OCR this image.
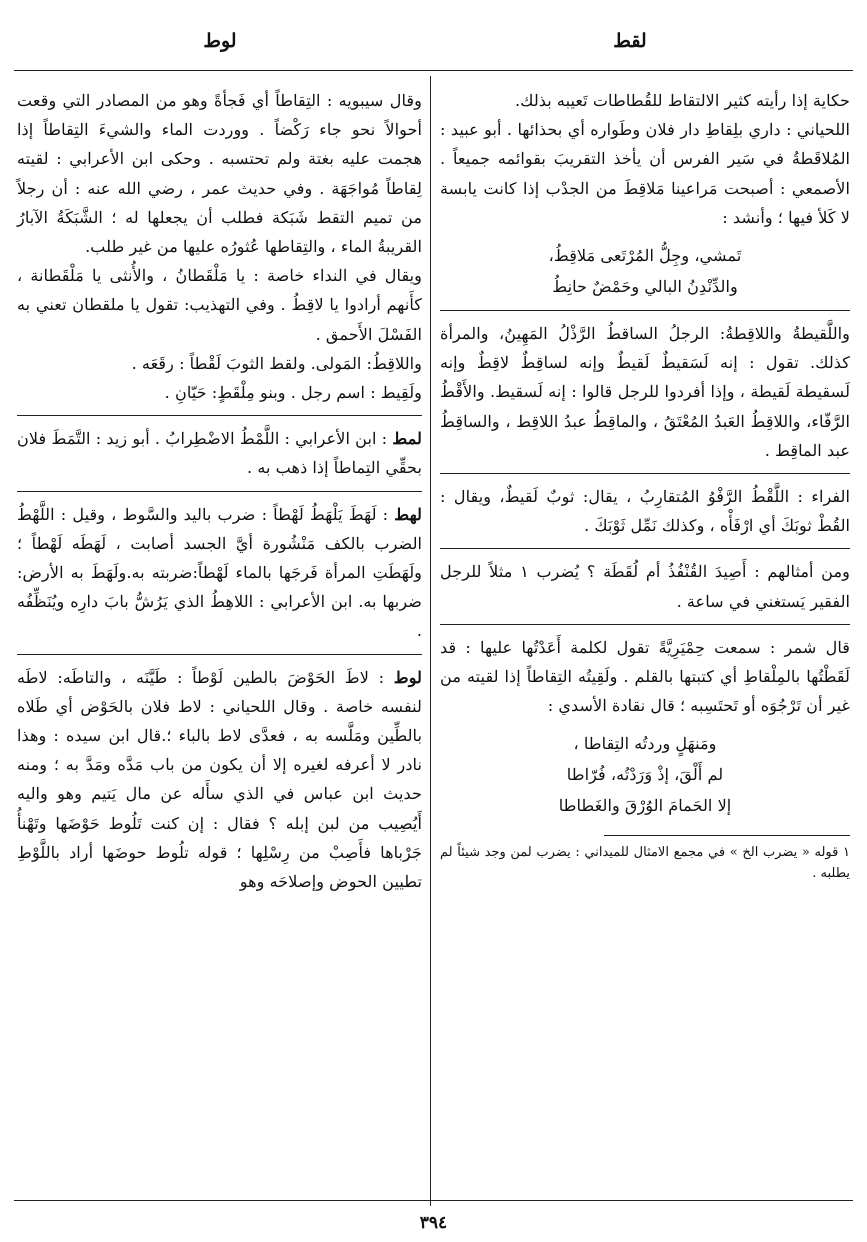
لقط
لوط

حكاية إذا رأيته كثير الالتقاط للقُطاطات تَعيبه بذلك.

اللحياني : داري بلِقاطِ دار فلان وطَواره أي بحذائها . أبو عبيد : المُلاقَطةُ في سَير الفرس أن يأخذ التقريبَ بقوائمه جميعاً . الأصمعي : أصبحت مَراعينا مَلاقِطَ من الجدْب إذا كانت يابسة لا كَلأ فيها ؛ وأنشد :

تَمشي، وجِلُّ المُرْتَعى مَلاقِطُ،
والدِّنْدِنُ البالي وحَمْضٌ حانِطُ

واللَّقيطةُ واللاقِطةُ: الرجلُ الساقطُ الرَّذْلُ المَهِينُ، والمرأة كذلك. تقول : إنه لَسَقيطٌ لَقيطٌ وإنه لساقِطٌ لاقِطٌ وإنه لَسقيطة لَقيطة ، وإذا أفردوا للرجل قالوا : إنه لَسقيط. والأَقْطُ الرَّفّاء، واللاقِطُ العَبدُ المُعْتَقُ ، والماقِطُ عبدُ اللاقِط ، والساقِطُ عبد الماقِط .

الفراء : اللَّقْطُ الرَّفْوُ المُتقارِبُ ، يقال: ثوبٌ لَقيطٌ، ويقال : القُطْ ثوبَكَ أي ارْفَأْه ، وكذلك نَمِّل ثَوْبَكَ .

ومن أمثالهم : أَصِيدَ القُنْفُذُ أم لُقَطَة ؟ يُضرب ١ مثلاً للرجل الفقير يَستغني في ساعة .

قال شمر : سمعت حِمْيَرِيَّةً تقول لكلمة أَعَدْتُها عليها : قد لَقَطْتُها بالمِلْقاطِ أي كتبتها بالقلم . ولَقِيتُه التِقاطاً إذا لقيته من غير أن تَرْجُوَه أو تَحتَسِبه ؛ قال نقادة الأسدي :

ومَنهَلٍ وردتُه التِقاطا ،
لم أَلْقَ، إذْ وَرَدْتُه، فُرّاطا
إلا الحَمامَ الوُرْقَ والغَطاطا

١ قوله « يضرب الخ » في مجمع الامثال للميداني : يضرب لمن وجد شيئاً لم يطلبه .

وقال سيبويه : التِقاطاً أي فَجأةً وهو من المصادر التي وقعت أحوالاً نحو جاء رَكْضاً . ووردت الماء والشيءَ التِقاطاً إذا هجمت عليه بغتة ولم تحتسبه . وحكى ابن الأعرابي : لقيته لِقاطاً مُواجَهَة . وفي حديث عمر ، رضي الله عنه : أن رجلاً من تميم التقط شَبَكة فطلب أن يجعلها له ؛ الشَّبَكَةُ الآبارُ القريبةُ الماء ، والتِقاطها عُثورُه عليها من غير طلب.

ويقال في النداء خاصة : يا مَلْقَطانُ ، والأُنثى يا مَلْقَطانة ، كأَنهم أرادوا يا لاقِطُ . وفي التهذيب: تقول يا ملقطان تعني به الفَسْلَ الأَحمق .

واللاقِطُ: المَولى. ولقط الثوبَ لَقْطاً : رقَعَه .

ولَقِيط : اسم رجل . وبنو مِلْقَطٍ: حَيّانِ .

لمط : ابن الأعرابي : اللَّمْطُ الاضْطِرابُ . أبو زيد : التَّمَطَ فلان بحقِّي التِماطاً إذا ذهب به .

لهط : لَهَطَ يَلْهَطُ لَهْطاً : ضرب باليد والسَّوط ، وقيل : اللَّهْطُ الضرب بالكف مَنْشُورة أيَّ الجسد أصابت ، لَهَطَه لَهْطاً ؛ ولَهَطَتِ المرأة فَرجَها بالماء لَهْطاً:ضربته به.ولَهَطَ به الأرض: ضربها به. ابن الأعرابي : اللاهِطُ الذي يَرُشُّ بابَ دارِه ويُنَظِّفُه .

لوط : لاطَ الحَوْضَ بالطين لَوْطاً : طَيَّنَه ، والتاطَه: لاطَه لنفسه خاصة . وقال اللحياني : لاط فلان بالحَوْض أي طَلاه بالطِّين ومَلَّسه به ، فعدَّى لاط بالباء ؛.قال ابن سيده : وهذا نادر لا أعرفه لغيره إلا أن يكون من باب مَدَّه ومَدَّ به ؛ ومنه حديث ابن عباس في الذي سأَله عن مال يَتيم وهو واليه أَيُصِيب من لبن إبله ؟ فقال : إن كنت تَلُوط حَوْضَها وتَهْنأُ جَرْباها فأَصِبْ من رِسْلِها ؛ قوله تلُوط حوضَها أراد باللَّوْطِ تطيين الحوض وإصلاحَه وهو

٣٩٤
